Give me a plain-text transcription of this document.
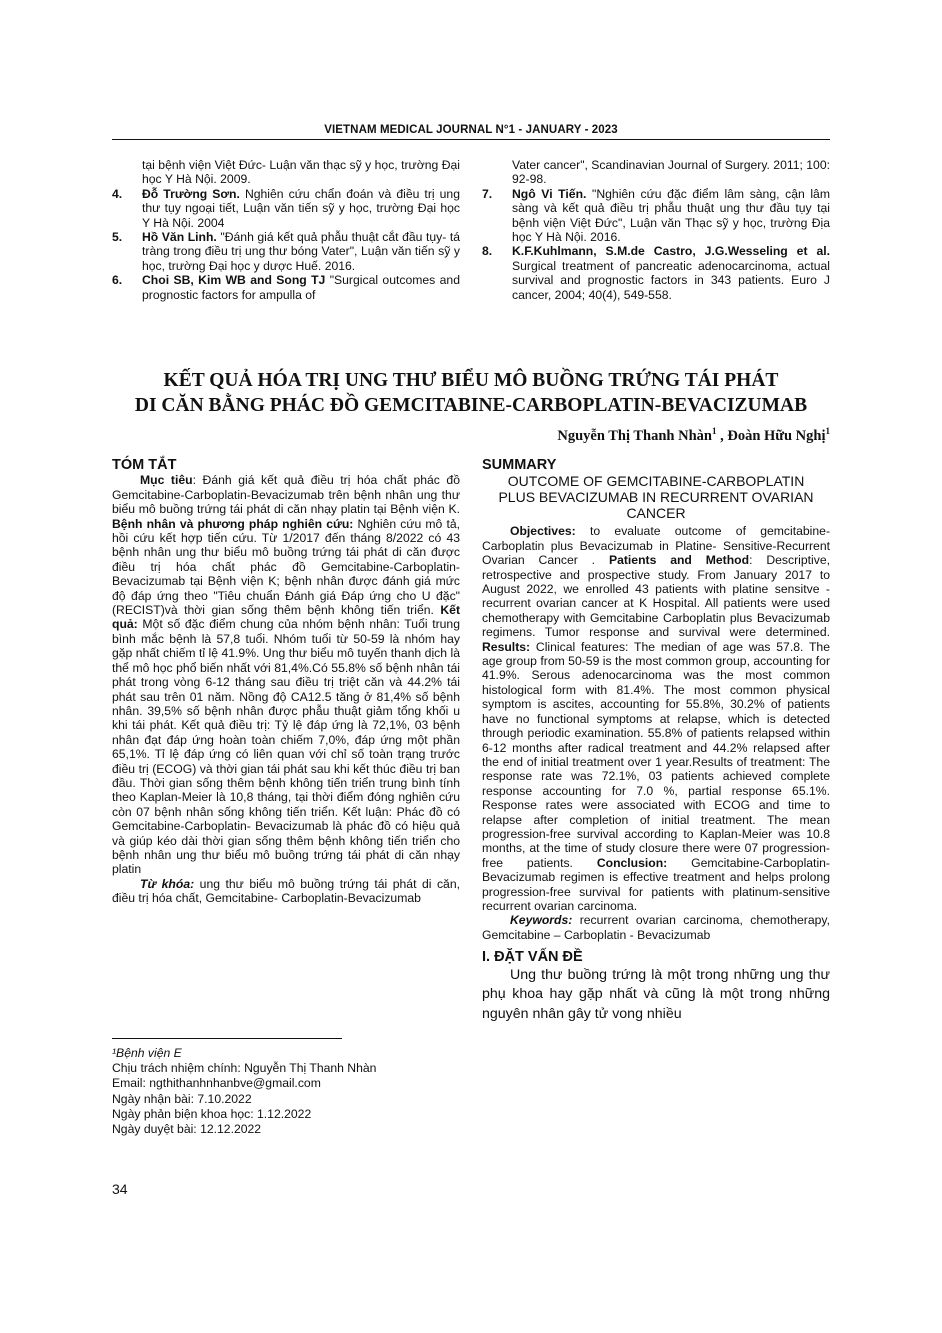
VIETNAM MEDICAL JOURNAL N°1 - JANUARY - 2023
tại bệnh viện Việt Đức- Luận văn thạc sỹ y học, trường Đại học Y Hà Nội. 2009.
4. Đỗ Trường Sơn. Nghiên cứu chẩn đoán và điều trị ung thư tụy ngoại tiết, Luận văn tiến sỹ y học, trường Đại học Y Hà Nội. 2004
5. Hồ Văn Linh. "Đánh giá kết quả phẫu thuật cắt đầu tụy- tá tràng trong điều trị ung thư bóng Vater", Luận văn tiến sỹ y học, trường Đại học y dược Huế. 2016.
6. Choi SB, Kim WB and Song TJ "Surgical outcomes and prognostic factors for ampulla of
Vater cancer", Scandinavian Journal of Surgery. 2011; 100: 92-98.
7. Ngô Vi Tiến. "Nghiên cứu đặc điểm lâm sàng, cận lâm sàng và kết quả điều trị phẫu thuật ung thư đầu tụy tại bệnh viện Việt Đức", Luận văn Thạc sỹ y học, trường Địa học Y Hà Nội. 2016.
8. K.F.Kuhlmann, S.M.de Castro, J.G.Wesseling et al. Surgical treatment of pancreatic adenocarcinoma, actual survival and prognostic factors in 343 patients. Euro J cancer, 2004; 40(4), 549-558.
KẾT QUẢ HÓA TRỊ UNG THƯ BIỂU MÔ BUỒNG TRỨNG TÁI PHÁT
DI CĂN BẰNG PHÁC ĐỒ GEMCITABINE-CARBOPLATIN-BEVACIZUMAB
Nguyễn Thị Thanh Nhàn$^1$ , Đoàn Hữu Nghị$^1$
TÓM TẮT

Mục tiêu: Đánh giá kết quả điều trị hóa chất phác đồ Gemcitabine-Carboplatin-Bevacizumab trên bệnh nhân ung thư biểu mô buồng trứng tái phát di căn nhạy platin tại Bệnh viện K. Bệnh nhân và phương pháp nghiên cứu: Nghiên cứu mô tả, hồi cứu kết hợp tiến cứu. Từ 1/2017 đến tháng 8/2022 có 43 bệnh nhân ung thư biểu mô buồng trứng tái phát di căn được điều trị hóa chất phác đồ Gemcitabine-Carboplatin-Bevacizumab tại Bệnh viện K; bệnh nhân được đánh giá mức độ đáp ứng theo "Tiêu chuẩn Đánh giá Đáp ứng cho U đặc" (RECIST)và thời gian sống thêm bệnh không tiến triển. Kết quả: Một số đặc điểm chung của nhóm bệnh nhân: Tuổi trung bình mắc bệnh là 57,8 tuổi. Nhóm tuổi từ 50-59 là nhóm hay gặp nhất chiếm tỉ lệ 41.9%. Ung thư biểu mô tuyến thanh dịch là thể mô học phổ biến nhất với 81,4%.Có 55.8% số bệnh nhân tái phát trong vòng 6-12 tháng sau điều trị triệt căn và 44.2% tái phát sau trên 01 năm. Nồng độ CA12.5 tăng ở 81,4% số bệnh nhân. 39,5% số bệnh nhân được phẫu thuật giảm tổng khối u khi tái phát. Kết quả điều trị: Tỷ lệ đáp ứng là 72,1%, 03 bệnh nhân đạt đáp ứng hoàn toàn chiếm 7,0%, đáp ứng một phần 65,1%. Tỉ lệ đáp ứng có liên quan với chỉ số toàn trạng trước điều trị (ECOG) và thời gian tái phát sau khi kết thúc điều trị ban đầu. Thời gian sống thêm bệnh không tiến triển trung bình tính theo Kaplan-Meier là 10,8 tháng, tại thời điểm đóng nghiên cứu còn 07 bệnh nhân sống không tiến triển. Kết luận: Phác đồ có Gemcitabine-Carboplatin- Bevacizumab là phác đồ có hiệu quả và giúp kéo dài thời gian sống thêm bệnh không tiến triển cho bệnh nhân ung thư biểu mô buồng trứng tái phát di căn nhạy platin

Từ khóa: ung thư biểu mô buồng trứng tái phát di căn, điều trị hóa chất, Gemcitabine- Carboplatin-Bevacizumab

¹Bệnh viện E
Chịu trách nhiệm chính: Nguyễn Thị Thanh Nhàn
Email: ngthithanhnhanbve@gmail.com
Ngày nhận bài: 7.10.2022
Ngày phản biện khoa học: 1.12.2022
Ngày duyệt bài: 12.12.2022
SUMMARY
OUTCOME OF GEMCITABINE-CARBOPLATIN PLUS BEVACIZUMAB IN RECURRENT OVARIAN CANCER

Objectives: to evaluate outcome of gemcitabine-Carboplatin plus Bevacizumab in Platine- Sensitive-Recurrent Ovarian Cancer . Patients and Method: Descriptive, retrospective and prospective study. From January 2017 to August 2022, we enrolled 43 patients with platine sensitve - recurrent ovarian cancer at K Hospital. All patients were used chemotherapy with Gemcitabine Carboplatin plus Bevacizumab regimens. Tumor response and survival were determined. Results: Clinical features: The median of age was 57.8. The age group from 50-59 is the most common group, accounting for 41.9%. Serous adenocarcinoma was the most common histological form with 81.4%. The most common physical symptom is ascites, accounting for 55.8%, 30.2% of patients have no functional symptoms at relapse, which is detected through periodic examination. 55.8% of patients relapsed within 6-12 months after radical treatment and 44.2% relapsed after the end of initial treatment over 1 year.Results of treatment: The response rate was 72.1%, 03 patients achieved complete response accounting for 7.0 %, partial response 65.1%. Response rates were associated with ECOG and time to relapse after completion of initial treatment. The mean progression-free survival according to Kaplan-Meier was 10.8 months, at the time of study closure there were 07 progression-free patients. Conclusion: Gemcitabine-Carboplatin- Bevacizumab regimen is effective treatment and helps prolong progression-free survival for patients with platinum-sensitive recurrent ovarian carcinoma.

Keywords: recurrent ovarian carcinoma, chemotherapy, Gemcitabine – Carboplatin - Bevacizumab

I. ĐẶT VẤN ĐỀ

Ung thư buồng trứng là một trong những ung thư phụ khoa hay gặp nhất và cũng là một trong những nguyên nhân gây tử vong nhiều

34
